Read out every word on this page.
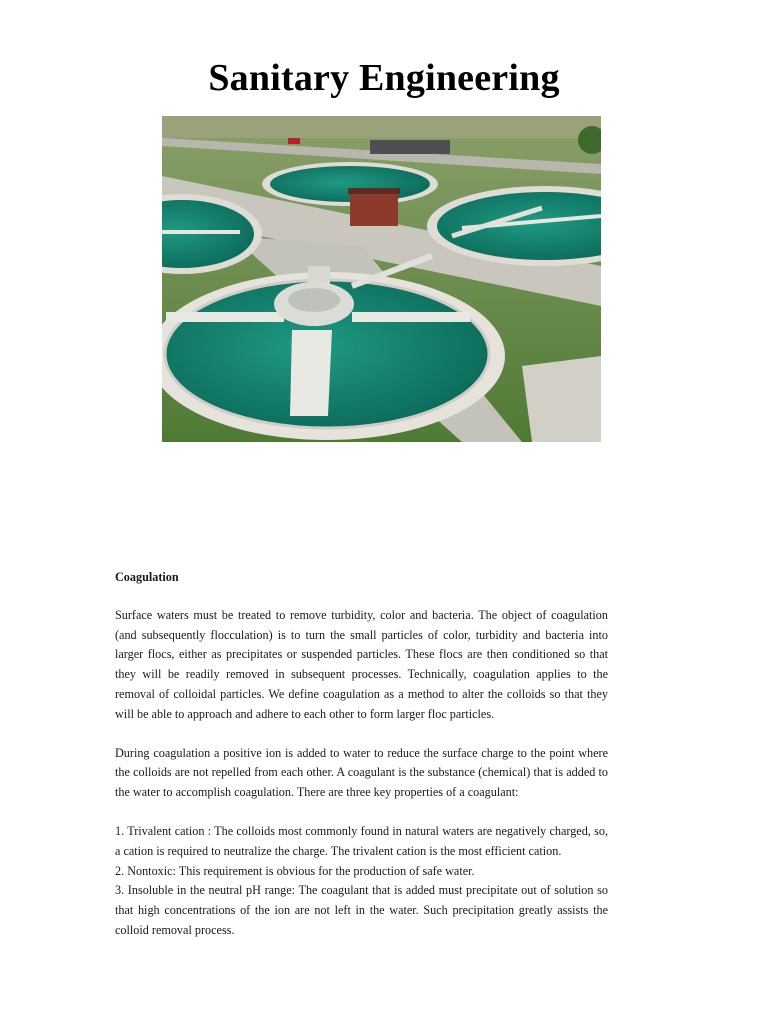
Sanitary Engineering
Coagulation

Surface waters must be treated to remove turbidity, color and bacteria. The object of coagulation (and subsequently flocculation) is to turn the small particles of color, turbidity and bacteria into larger flocs, either as precipitates or suspended particles. These flocs are then conditioned so that they will be readily removed in subsequent processes. Technically, coagulation applies to the removal of colloidal particles. We define coagulation as a method to alter the colloids so that they will be able to approach and adhere to each other to form larger floc particles.

During coagulation a positive ion is added to water to reduce the surface charge to the point where the colloids are not repelled from each other. A coagulant is the substance (chemical) that is added to the water to accomplish coagulation. There are three key properties of a coagulant:

1. Trivalent cation : The colloids most commonly found in natural waters are negatively charged, so, a cation is required to neutralize the charge. The trivalent cation is the most efficient cation.

2. Nontoxic: This requirement is obvious for the production of safe water.

3. Insoluble in the neutral pH range: The coagulant that is added must precipitate out of solution so that high concentrations of the ion are not left in the water. Such precipitation greatly assists the colloid removal process.
